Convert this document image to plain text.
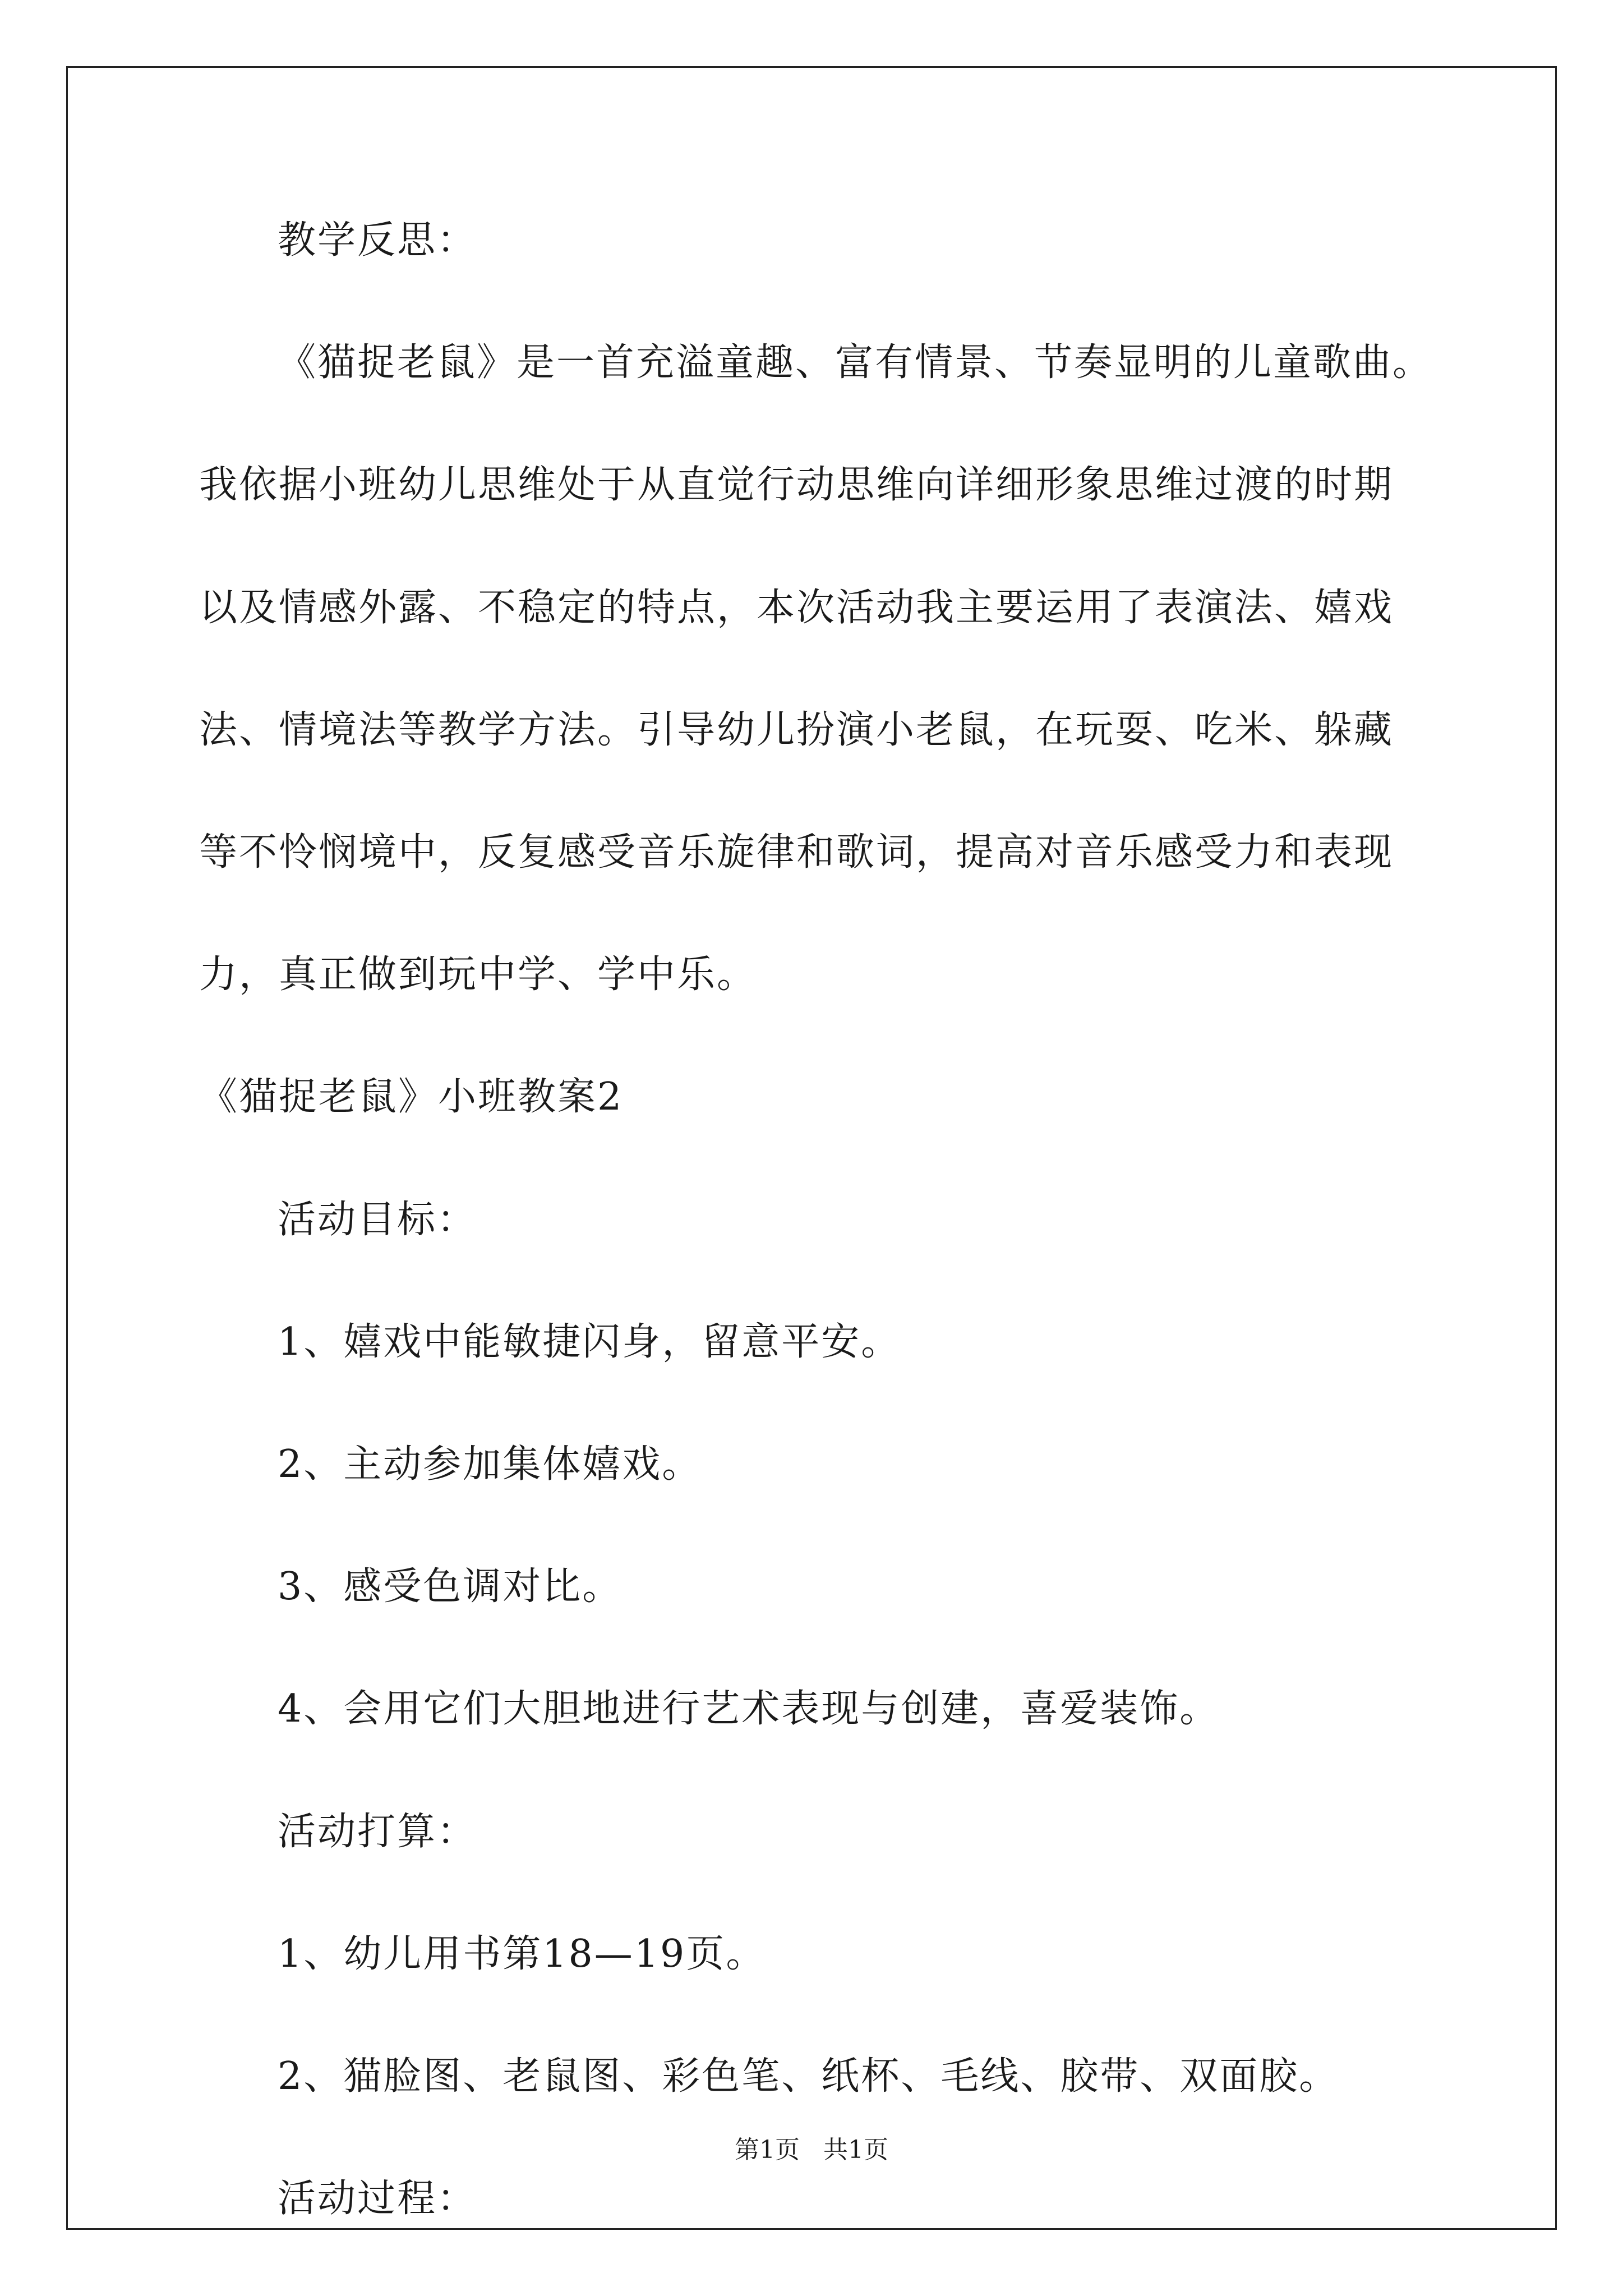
教学反思：

《猫捉老鼠》是一首充溢童趣、富有情景、节奏显明的儿童歌曲。

我依据小班幼儿思维处于从直觉行动思维向详细形象思维过渡的时期

以及情感外露、不稳定的特点，本次活动我主要运用了表演法、嬉戏

法、情境法等教学方法。引导幼儿扮演小老鼠，在玩耍、吃米、躲藏

等不怜悯境中，反复感受音乐旋律和歌词，提高对音乐感受力和表现

力，真正做到玩中学、学中乐。

《猫捉老鼠》小班教案2

活动目标：

1、嬉戏中能敏捷闪身，留意平安。

2、主动参加集体嬉戏。

3、感受色调对比。

4、会用它们大胆地进行艺术表现与创建，喜爱装饰。

活动打算：

1、幼儿用书第18—19页。

2、猫脸图、老鼠图、彩色笔、纸杯、毛线、胶带、双面胶。

活动过程：

第1页   共1页
